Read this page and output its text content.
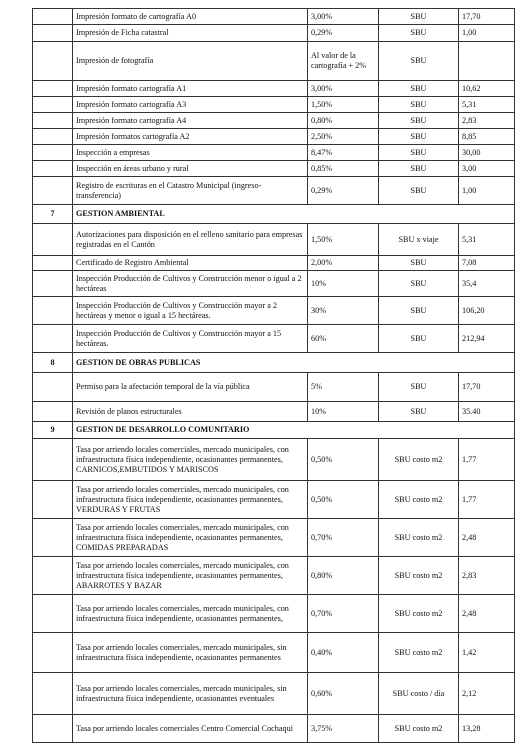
	Impresión formato de cartografía A0	3,00%	SBU	17,70
	Impresión de Ficha catastral	0,29%	SBU	1,00
	Impresión de fotografía	Al valor de la cartografía + 2%	SBU	
	Impresión formato cartografía A1	3,00%	SBU	10,62
	Impresión formato cartografía A3	1,50%	SBU	5,31
	Impresión formato cartografía A4	0,80%	SBU	2,83
	Impresión formatos cartografía A2	2,50%	SBU	8,85
	Inspección a empresas	8,47%	SBU	30,00
	Inspección en áreas urbano y rural	0,85%	SBU	3,00
	Registro de escrituras en el Catastro Municipal (ingreso-transferencia)	0,29%	SBU	1,00
7	GESTION AMBIENTAL			
	Autorizaciones para disposición en el relleno sanitario para empresas registradas en el Cantón	1,50%	SBU x viaje	5,31
	Certificado de Registro Ambiental	2,00%	SBU	7,08
	Inspección Producción de Cultivos y Construcción menor o igual a 2 hectáreas	10%	SBU	35,4
	Inspección Producción de Cultivos y Construcción mayor a 2 hectáreas y menor o igual a 15 hectáreas.	30%	SBU	106,20
	Inspección Producción de Cultivos y Construcción mayor a 15 hectáreas.	60%	SBU	212,94
8	GESTION DE OBRAS PUBLICAS			
	Permiso para la afectación temporal de la vía pública	5%	SBU	17,70
	Revisión de planos estructurales	10%	SBU	35.40
9	GESTION DE DESARROLLO COMUNITARIO			
	Tasa por arriendo locales comerciales, mercado municipales, con infraestructura física independiente, ocasionantes permanentes, CARNICOS,EMBUTIDOS Y MARISCOS	0,50%	SBU costo m2	1,77
	Tasa por arriendo locales comerciales, mercado municipales, con infraestructura física independiente, ocasionantes permanentes, VERDURAS Y FRUTAS	0,50%	SBU costo m2	1,77
	Tasa por arriendo locales comerciales, mercado municipales, con infraestructura física independiente, ocasionantes permanentes, COMIDAS PREPARADAS	0,70%	SBU costo m2	2,48
	Tasa por arriendo locales comerciales, mercado municipales, con infraestructura física independiente, ocasionantes permanentes, ABARROTES Y BAZAR	0,80%	SBU costo m2	2,83
	Tasa por arriendo locales comerciales, mercado municipales, con infraestructura física independiente, ocasionantes permanentes,	0,70%	SBU costo m2	2,48
	Tasa por arriendo locales comerciales, mercado municipales, sin infraestructura física independiente, ocasionantes permanentes	0,40%	SBU costo m2	1,42
	Tasa por arriendo locales comerciales, mercado municipales, sin infraestructura física independiente, ocasionantes eventuales	0,60%	SBU costo / día	2,12
	Tasa por arriendo locales comerciales Centro Comercial Cochaqui	3,75%	SBU costo m2	13,28
